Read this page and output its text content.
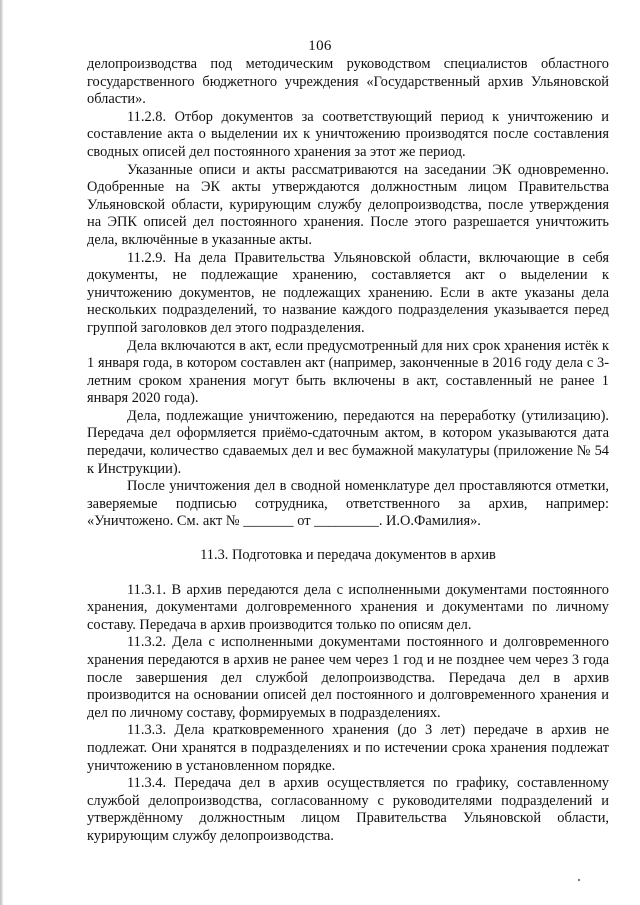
106

делопроизводства под методическим руководством специалистов областного государственного бюджетного учреждения «Государственный архив Ульяновской области».

11.2.8. Отбор документов за соответствующий период к уничтожению и составление акта о выделении их к уничтожению производятся после составления сводных описей дел постоянного хранения за этот же период.

Указанные описи и акты рассматриваются на заседании ЭК одновременно. Одобренные на ЭК акты утверждаются должностным лицом Правительства Ульяновской области, курирующим службу делопроизводства, после утверждения на ЭПК описей дел постоянного хранения. После этого разрешается уничтожить дела, включённые в указанные акты.

11.2.9. На дела Правительства Ульяновской области, включающие в себя документы, не подлежащие хранению, составляется акт о выделении к уничтожению документов, не подлежащих хранению. Если в акте указаны дела нескольких подразделений, то название каждого подразделения указывается перед группой заголовков дел этого подразделения.

Дела включаются в акт, если предусмотренный для них срок хранения истёк к 1 января года, в котором составлен акт (например, законченные в 2016 году дела с 3-летним сроком хранения могут быть включены в акт, составленный не ранее 1 января 2020 года).

Дела, подлежащие уничтожению, передаются на переработку (утилизацию). Передача дел оформляется приёмо-сдаточным актом, в котором указываются дата передачи, количество сдаваемых дел и вес бумажной макулатуры (приложение № 54 к Инструкции).

После уничтожения дел в сводной номенклатуре дел проставляются отметки, заверяемые подписью сотрудника, ответственного за архив, например: «Уничтожено. См. акт № _______ от _________. И.О.Фамилия».

11.3. Подготовка и передача документов в архив

11.3.1. В архив передаются дела с исполненными документами постоянного хранения, документами долговременного хранения и документами по личному составу. Передача в архив производится только по описям дел.

11.3.2. Дела с исполненными документами постоянного и долговременного хранения передаются в архив не ранее чем через 1 год и не позднее чем через 3 года после завершения дел службой делопроизводства. Передача дел в архив производится на основании описей дел постоянного и долговременного хранения и дел по личному составу, формируемых в подразделениях.

11.3.3. Дела кратковременного хранения (до 3 лет) передаче в архив не подлежат. Они хранятся в подразделениях и по истечении срока хранения подлежат уничтожению в установленном порядке.

11.3.4. Передача дел в архив осуществляется по графику, составленному службой делопроизводства, согласованному с руководителями подразделений и утверждённому должностным лицом Правительства Ульяновской области, курирующим службу делопроизводства.
